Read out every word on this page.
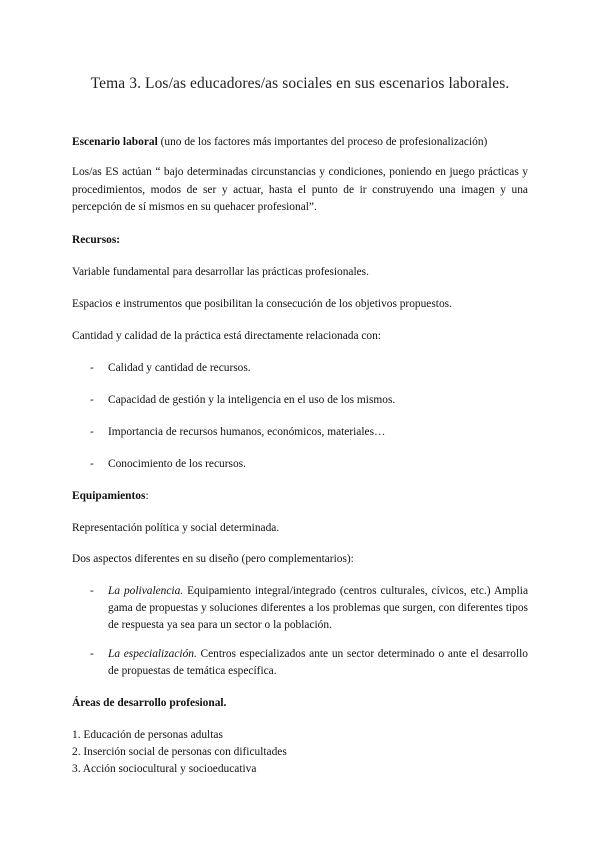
Tema 3. Los/as educadores/as sociales en sus escenarios laborales.
Escenario laboral (uno de los factores más importantes del proceso de profesionalización)
Los/as ES actúan “ bajo determinadas circunstancias y condiciones, poniendo en juego prácticas y procedimientos, modos de ser y actuar, hasta el punto de ir construyendo una imagen y una percepción de sí mismos en su quehacer profesional”.
Recursos:
Variable fundamental para desarrollar las prácticas profesionales.
Espacios e instrumentos que posibilitan la consecución de los objetivos propuestos.
Cantidad y calidad de la práctica está directamente relacionada con:
- Calidad y cantidad de recursos.
- Capacidad de gestión y la inteligencia en el uso de los mismos.
- Importancia de recursos humanos, económicos, materiales…
- Conocimiento de los recursos.
Equipamientos:
Representación política y social determinada.
Dos aspectos diferentes en su diseño (pero complementarios):
- La polivalencia. Equipamiento integral/integrado (centros culturales, cívicos, etc.) Amplia gama de propuestas y soluciones diferentes a los problemas que surgen, con diferentes tipos de respuesta ya sea para un sector o la población.
- La especialización. Centros especializados ante un sector determinado o ante el desarrollo de propuestas de temática específica.
Áreas de desarrollo profesional.
1. Educación de personas adultas
2. Inserción social de personas con dificultades
3. Acción sociocultural y socioeducativa
